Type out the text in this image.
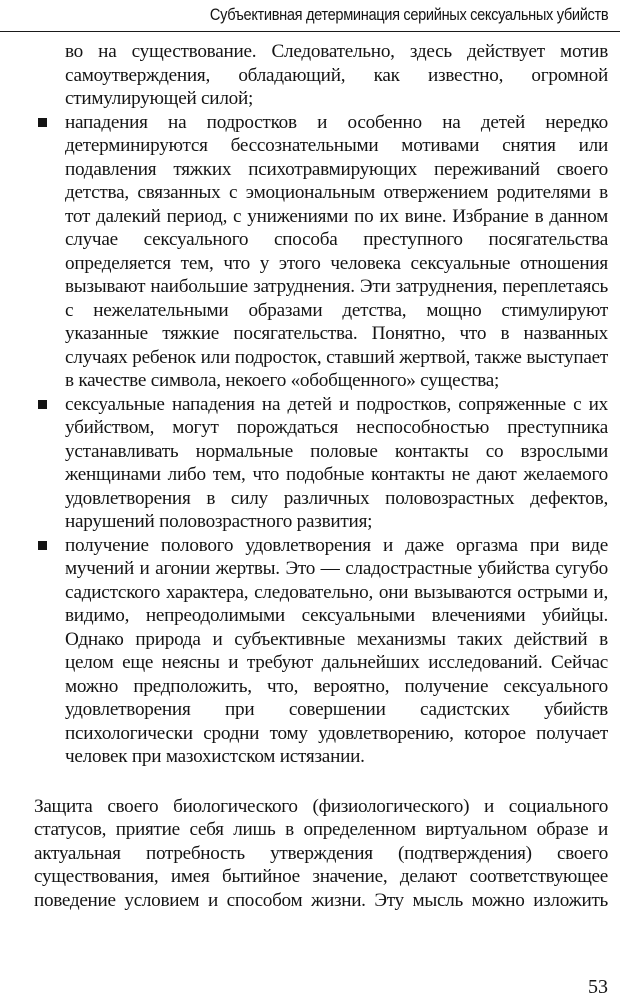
Субъективная детерминация серийных сексуальных убийств
во на существование. Следовательно, здесь действует мотив самоутверждения, обладающий, как известно, огромной стимулирующей силой;
нападения на подростков и особенно на детей нередко детерминируются бессознательными мотивами снятия или подавления тяжких психотравмирующих переживаний своего детства, связанных с эмоциональным отвержением родителями в тот далекий период, с унижениями по их вине. Избрание в данном случае сексуального способа преступного посягательства определяется тем, что у этого человека сексуальные отношения вызывают наибольшие затруднения. Эти затруднения, переплетаясь с нежелательными образами детства, мощно стимулируют указанные тяжкие посягательства. Понятно, что в названных случаях ребенок или подросток, ставший жертвой, также выступает в качестве символа, некоего «обобщенного» существа;
сексуальные нападения на детей и подростков, сопряженные с их убийством, могут порождаться неспособностью преступника устанавливать нормальные половые контакты со взрослыми женщинами либо тем, что подобные контакты не дают желаемого удовлетворения в силу различных половозрастных дефектов, нарушений половозрастного развития;
получение полового удовлетворения и даже оргазма при виде мучений и агонии жертвы. Это — сладострастные убийства сугубо садистского характера, следовательно, они вызываются острыми и, видимо, непреодолимыми сексуальными влечениями убийцы. Однако природа и субъективные механизмы таких действий в целом еще неясны и требуют дальнейших исследований. Сейчас можно предположить, что, вероятно, получение сексуального удовлетворения при совершении садистских убийств психологически сродни тому удовлетворению, которое получает человек при мазохистском истязании.
Защита своего биологического (физиологического) и социального статусов, приятие себя лишь в определенном виртуальном образе и актуальная потребность утверждения (подтверждения) своего существования, имея бытийное значение, делают соответствующее поведение условием и способом жизни. Эту мысль можно изложить
53
